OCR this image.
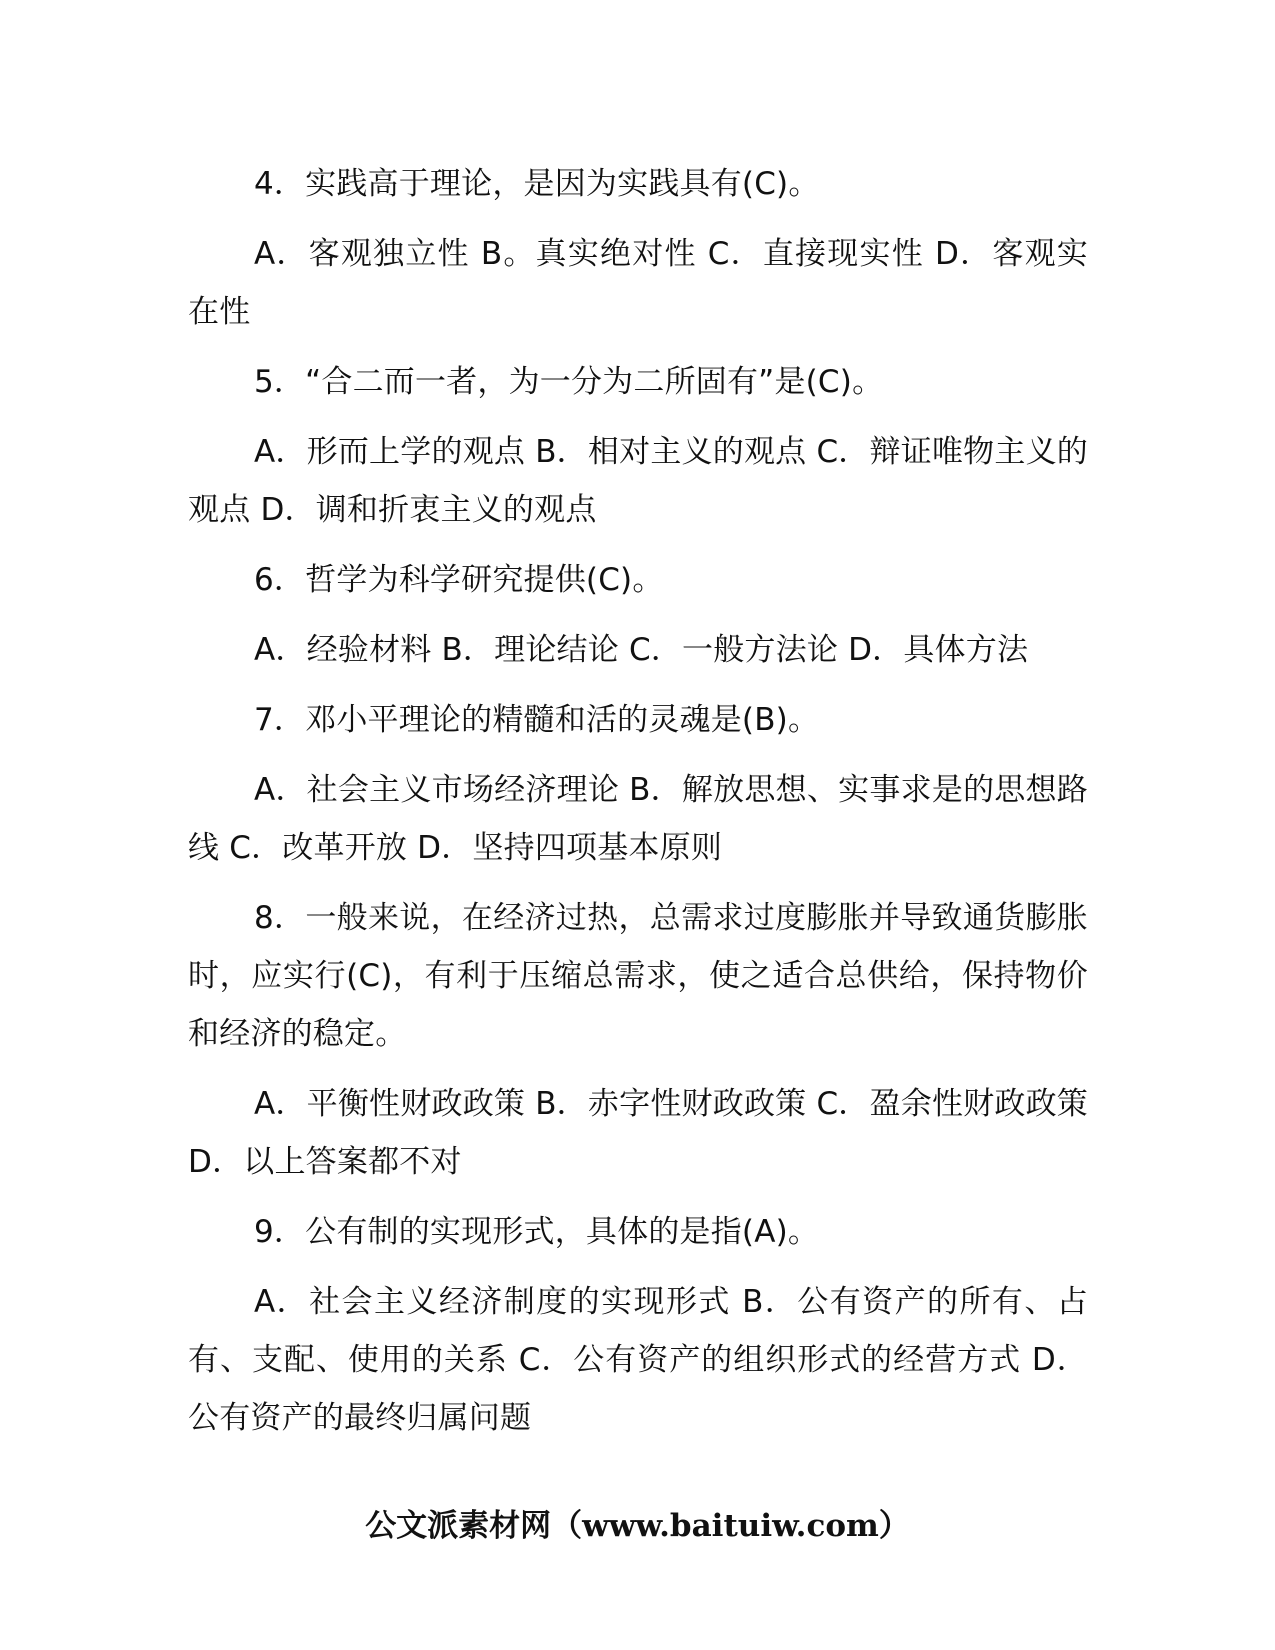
4．实践高于理论，是因为实践具有(C)。

A．客观独立性 B。真实绝对性 C．直接现实性 D．客观实在性

5．“合二而一者，为一分为二所固有”是(C)。

A．形而上学的观点 B．相对主义的观点 C．辩证唯物主义的观点 D．调和折衷主义的观点

6．哲学为科学研究提供(C)。

A．经验材料 B．理论结论 C．一般方法论 D．具体方法

7．邓小平理论的精髓和活的灵魂是(B)。

A．社会主义市场经济理论 B．解放思想、实事求是的思想路线 C．改革开放 D．坚持四项基本原则

8．一般来说，在经济过热，总需求过度膨胀并导致通货膨胀时，应实行(C)，有利于压缩总需求，使之适合总供给，保持物价和经济的稳定。

A．平衡性财政政策 B．赤字性财政政策 C．盈余性财政政策 D．以上答案都不对

9．公有制的实现形式，具体的是指(A)。

A．社会主义经济制度的实现形式 B．公有资产的所有、占有、支配、使用的关系 C．公有资产的组织形式的经营方式 D．公有资产的最终归属问题

公文派素材网（www.baituiw.com）
